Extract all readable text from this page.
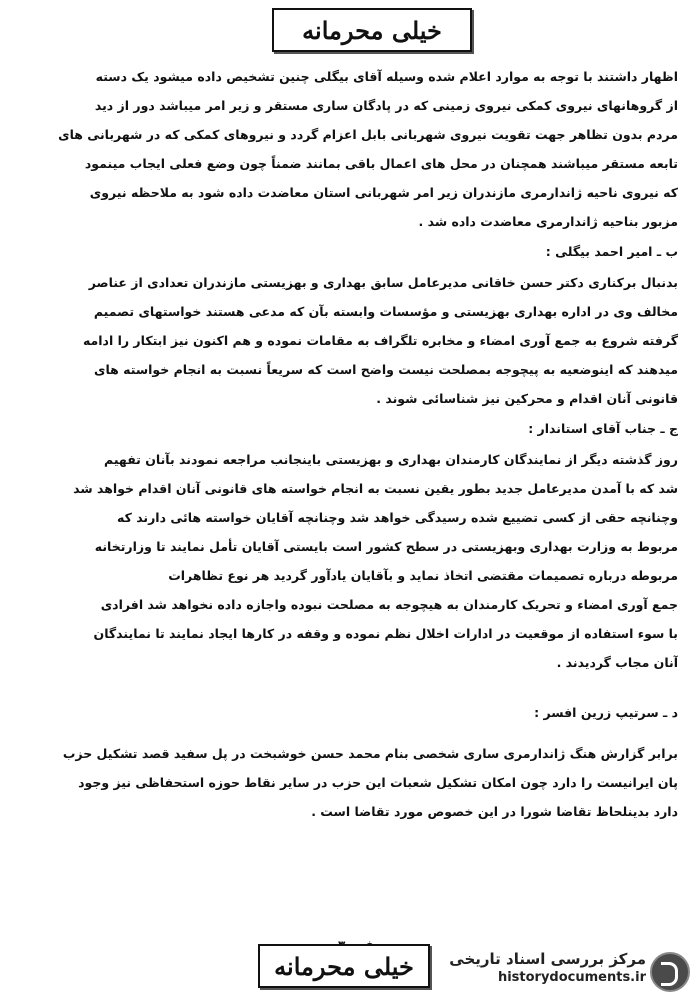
خیلی محرمانه
اظهار داشتند با توجه به موارد اعلام شده وسیله آقای بیگلی چنین تشخیص داده میشود یک دسته
از گروهانهای نیروی کمکی نیروی زمینی که در پادگان ساری مستقر و زیر امر میباشد دور از دید
مردم بدون تظاهر جهت تقویت نیروی شهربانی بابل اعزام گردد و نیروهای کمکی که در شهربانی های
تابعه مستقر میباشند همچنان در محل های اعمال باقی بمانند ضمناً چون وضع فعلی ایجاب مینمود
که نیروی ناحیه ژاندارمری مازندران زیر امر شهربانی استان معاضدت داده شود به ملاحظه نیروی
مزبور بناحیه ژاندارمری معاضدت داده شد .
ب ـ امیر احمد بیگلی :
بدنبال برکناری دکتر حسن خاقانی مدیرعامل سابق بهداری و بهزیستی مازندران تعدادی از عناصر
مخالف وی در اداره بهداری بهزیستی و مؤسسات وابسته بآن که مدعی هستند خواستهای تصمیم
گرفته شروع به جمع آوری امضاء و مخابره تلگراف به مقامات نموده و هم اکنون نیز ابتکار را ادامه
میدهند که اینوضعیه به پیچوجه بمصلحت نیست واضح است که سریعاً نسبت به انجام خواسته های
قانونی آنان اقدام و محرکین نیز شناسائی شوند .
ج ـ جناب آقای استاندار :
روز گذشته دیگر از نمایندگان کارمندان بهداری و بهزیستی باینجانب مراجعه نمودند بآنان تفهیم
شد که با آمدن مدیرعامل جدید بطور یقین نسبت به انجام خواسته های قانونی آنان اقدام خواهد شد
وچنانچه حقی از کسی تضییع شده رسیدگی خواهد شد وچنانچه آقایان خواسته هائی دارند که
مربوط به وزارت بهداری وبهزیستی در سطح کشور است بایستی آقایان تأمل نمایند تا وزارتخانه
مربوطه درباره تصمیمات مقتضی اتخاذ نماید و بآقایان یادآور گردید هر نوع تظاهرات
جمع آوری امضاء و تحریک کارمندان به هیچوجه به مصلحت نبوده واجازه داده نخواهد شد افرادی
با سوء استفاده از موقعیت در ادارات اخلال نظم نموده و وقفه در کارها ایجاد نمایند تا نمایندگان
آنان مجاب گردیدند .
د ـ سرتیپ زرین افسر :
برابر گزارش هنگ ژاندارمری ساری شخصی بنام محمد حسن خوشبخت در پل سفید قصد تشکیل حزب
پان ایرانیست را دارد چون امکان تشکیل شعبات این حزب در سایر نقاط حوزه استحفاظی نیز وجود
دارد بدینلحاظ تقاضا شورا در این خصوص مورد تقاضا است .
خیلی محرمانه مرکز بررسی اسناد تاریخی
historydocuments.ir
